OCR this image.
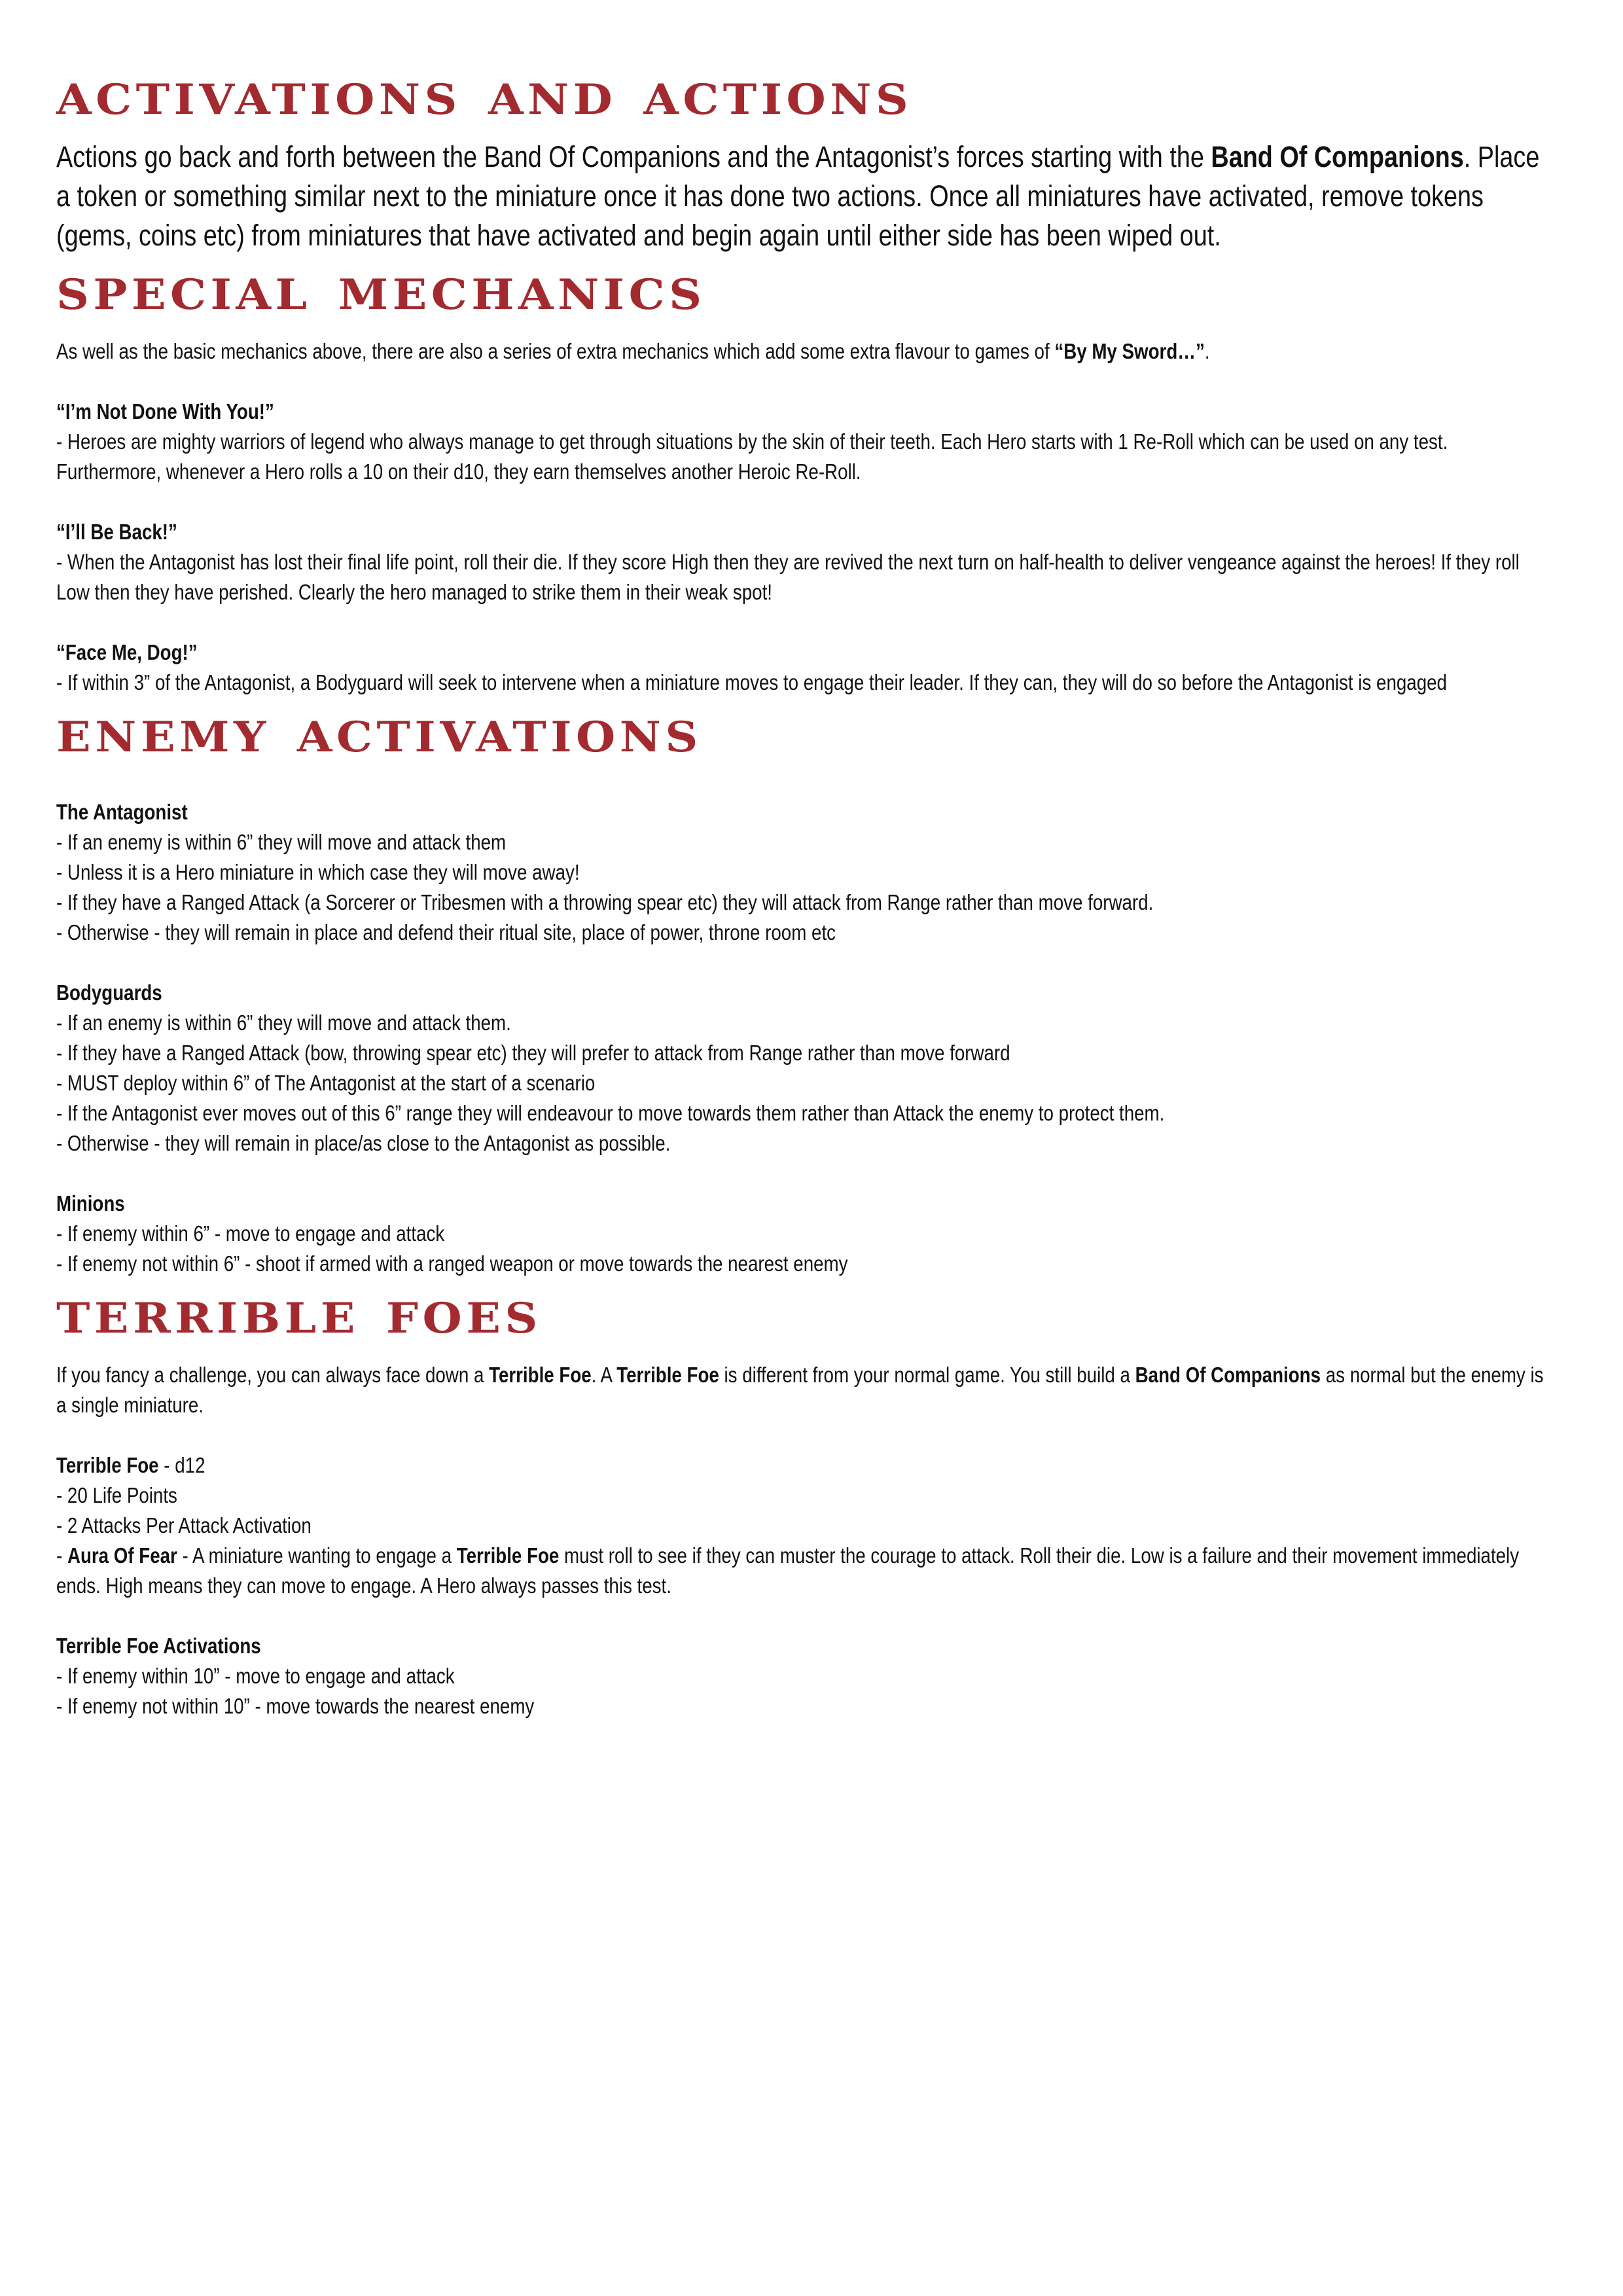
activations and actions
Actions go back and forth between the Band Of Companions and the Antagonist’s forces starting with the Band Of Companions. Place a token or something similar next to the miniature once it has done two actions. Once all miniatures have activated, remove tokens (gems, coins etc) from miniatures that have activated and begin again until either side has been wiped out.
special mechanics

As well as the basic mechanics above, there are also a series of extra mechanics which add some extra flavour to games of “By My Sword…”.

“I’m Not Done With You!”

- Heroes are mighty warriors of legend who always manage to get through situations by the skin of their teeth. Each Hero starts with 1 Re-Roll which can be used on any test. Furthermore, whenever a Hero rolls a 10 on their d10, they earn themselves another Heroic Re-Roll.

“I’ll Be Back!”

- When the Antagonist has lost their final life point, roll their die. If they score High then they are revived the next turn on half-health to deliver vengeance against the heroes! If they roll Low then they have perished. Clearly the hero managed to strike them in their weak spot!

“Face Me, Dog!”

- If within 3” of the Antagonist, a Bodyguard will seek to intervene when a miniature moves to engage their leader. If they can, they will do so before the Antagonist is engaged

enemy activations
The Antagonist
- If an enemy is within 6” they will move and attack them
- Unless it is a Hero miniature in which case they will move away!
- If they have a Ranged Attack (a Sorcerer or Tribesmen with a throwing spear etc) they will attack from Range rather than move forward.
- Otherwise - they will remain in place and defend their ritual site, place of power, throne room etc
Bodyguards
- If an enemy is within 6” they will move and attack them.
- If they have a Ranged Attack (bow, throwing spear etc) they will prefer to attack from Range rather than move forward
- MUST deploy within 6” of The Antagonist at the start of a scenario
- If the Antagonist ever moves out of this 6” range they will endeavour to move towards them rather than Attack the enemy to protect them.
- Otherwise - they will remain in place/as close to the Antagonist as possible.
Minions
- If enemy within 6” - move to engage and attack
- If enemy not within 6” - shoot if armed with a ranged weapon or move towards the nearest enemy
terrible foes

If you fancy a challenge, you can always face down a Terrible Foe. A Terrible Foe is different from your normal game. You still build a Band Of Companions as normal but the enemy is a single miniature.

Terrible Foe - d12
- 20 Life Points
- 2 Attacks Per Attack Activation
- Aura Of Fear - A miniature wanting to engage a Terrible Foe must roll to see if they can muster the courage to attack. Roll their die. Low is a failure and their movement immediately ends. High means they can move to engage. A Hero always passes this test.
Terrible Foe Activations
- If enemy within 10” - move to engage and attack
- If enemy not within 10” - move towards the nearest enemy
